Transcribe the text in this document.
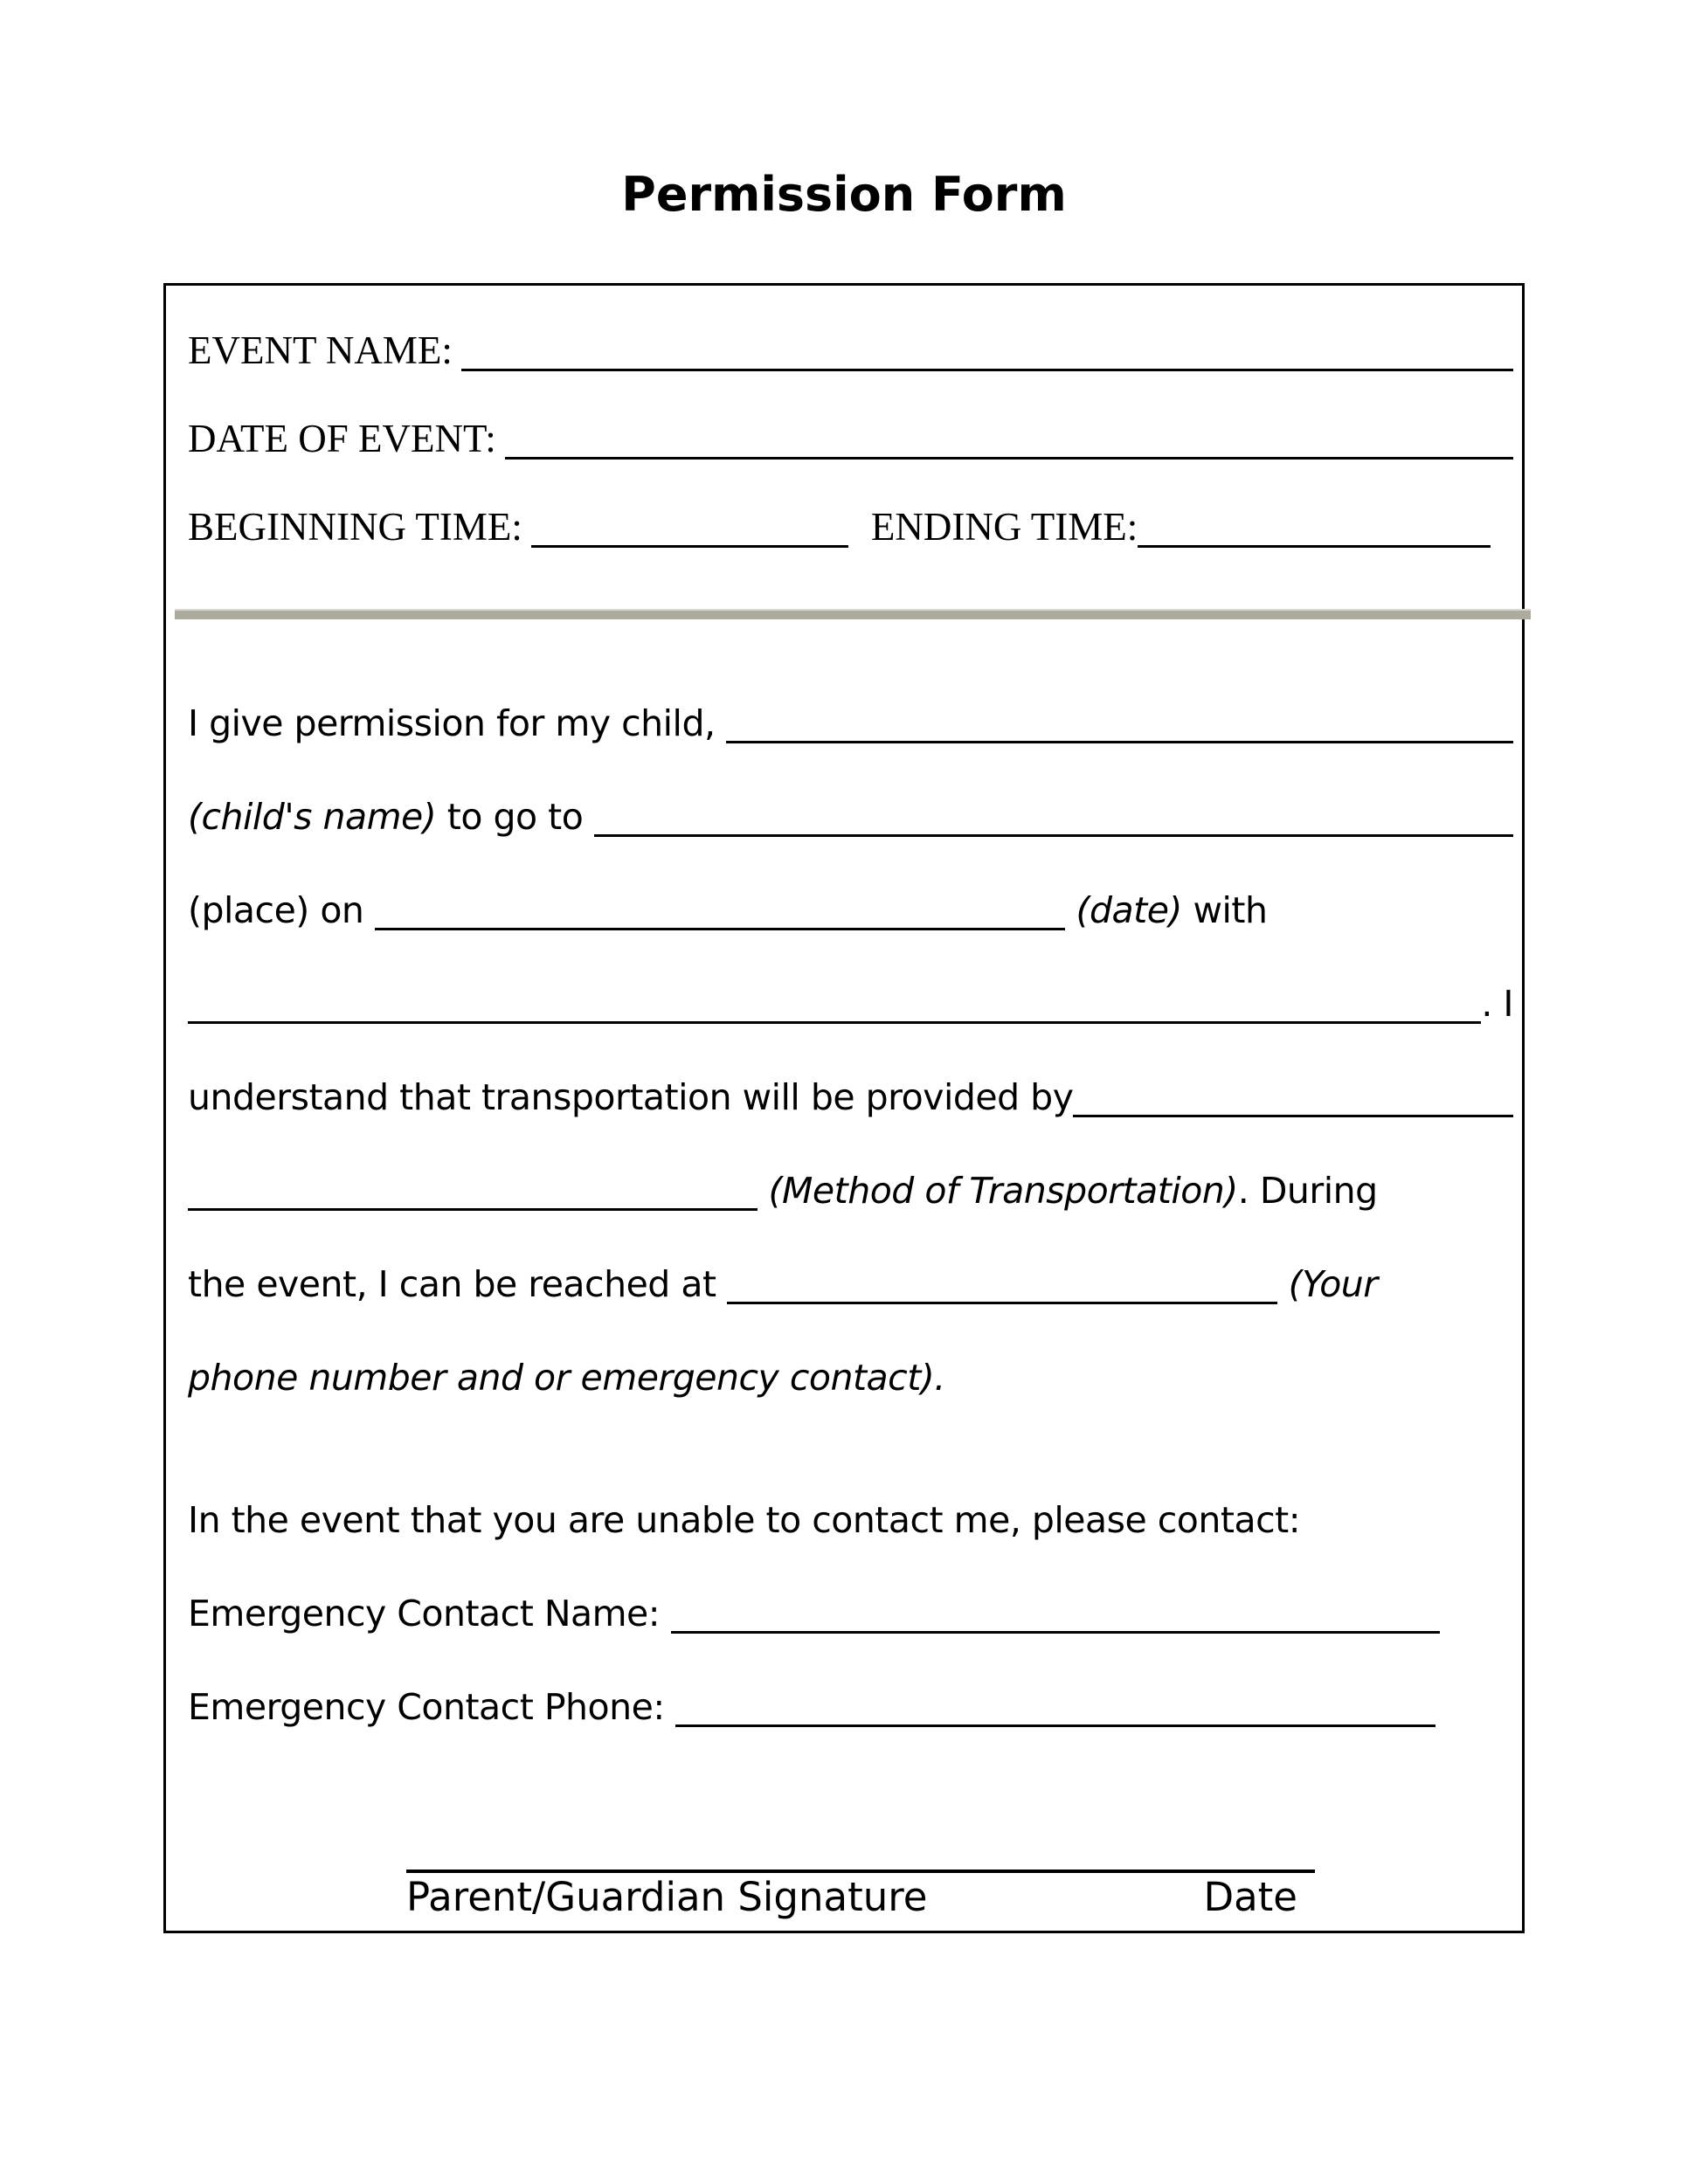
Permission Form
EVENT NAME:
DATE OF EVENT:
BEGINNING TIME:	ENDING TIME:
I give permission for my child,
(child's name) to go to
(place) on
	(date) with
. I
understand that transportation will be provided by

(Method of Transportation) . During
the event, I can be reached at
	(Your
phone number and or emergency contact).
In the event that you are unable to contact me, please contact:
Emergency Contact Name:
Emergency Contact Phone:
Parent/Guardian Signature	Date
